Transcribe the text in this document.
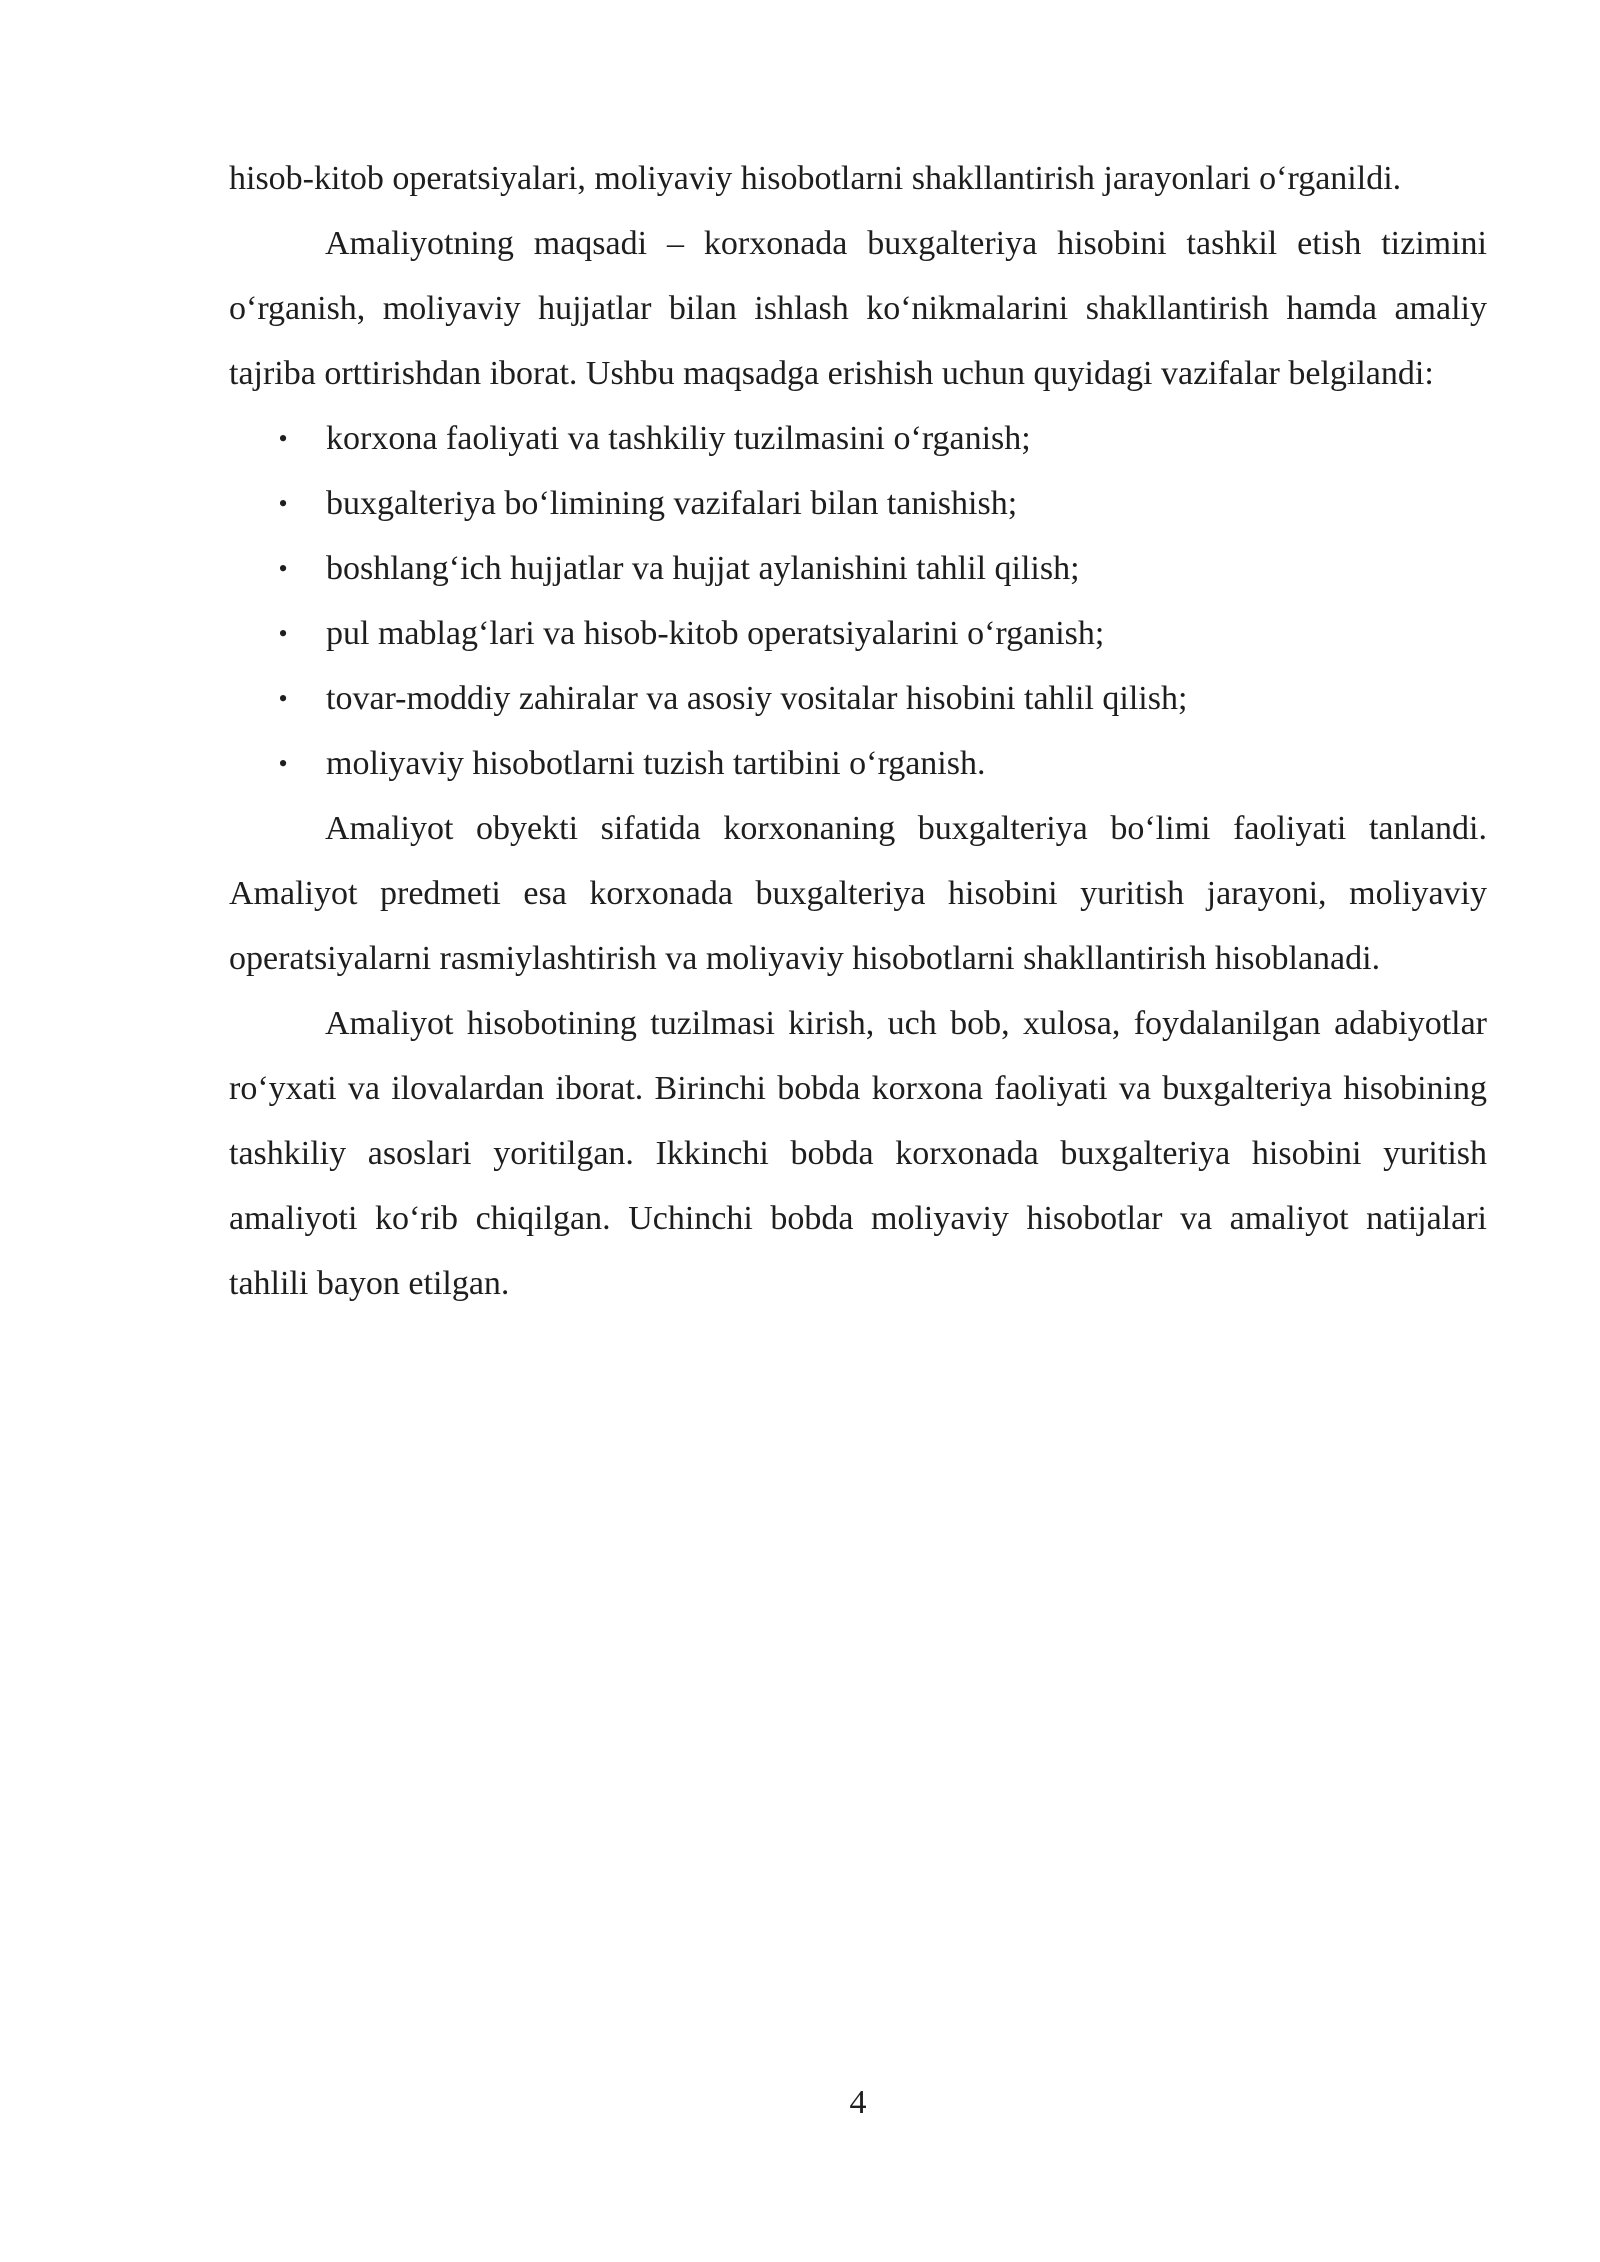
hisob-kitob operatsiyalari, moliyaviy hisobotlarni shakllantirish jarayonlari o‘rganildi.

Amaliyotning maqsadi – korxonada buxgalteriya hisobini tashkil etish tizimini o‘rganish, moliyaviy hujjatlar bilan ishlash ko‘nikmalarini shakllantirish hamda amaliy tajriba orttirishdan iborat. Ushbu maqsadga erishish uchun quyidagi vazifalar belgilandi:

• korxona faoliyati va tashkiliy tuzilmasini o‘rganish;
• buxgalteriya bo‘limining vazifalari bilan tanishish;
• boshlang‘ich hujjatlar va hujjat aylanishini tahlil qilish;
• pul mablag‘lari va hisob-kitob operatsiyalarini o‘rganish;
• tovar-moddiy zahiralar va asosiy vositalar hisobini tahlil qilish;
• moliyaviy hisobotlarni tuzish tartibini o‘rganish.

Amaliyot obyekti sifatida korxonaning buxgalteriya bo‘limi faoliyati tanlandi. Amaliyot predmeti esa korxonada buxgalteriya hisobini yuritish jarayoni, moliyaviy operatsiyalarni rasmiylashtirish va moliyaviy hisobotlarni shakllantirish hisoblanadi.

Amaliyot hisobotining tuzilmasi kirish, uch bob, xulosa, foydalanilgan adabiyotlar ro‘yxati va ilovalardan iborat. Birinchi bobda korxona faoliyati va buxgalteriya hisobining tashkiliy asoslari yoritilgan. Ikkinchi bobda korxonada buxgalteriya hisobini yuritish amaliyoti ko‘rib chiqilgan. Uchinchi bobda moliyaviy hisobotlar va amaliyot natijalari tahlili bayon etilgan.

4
